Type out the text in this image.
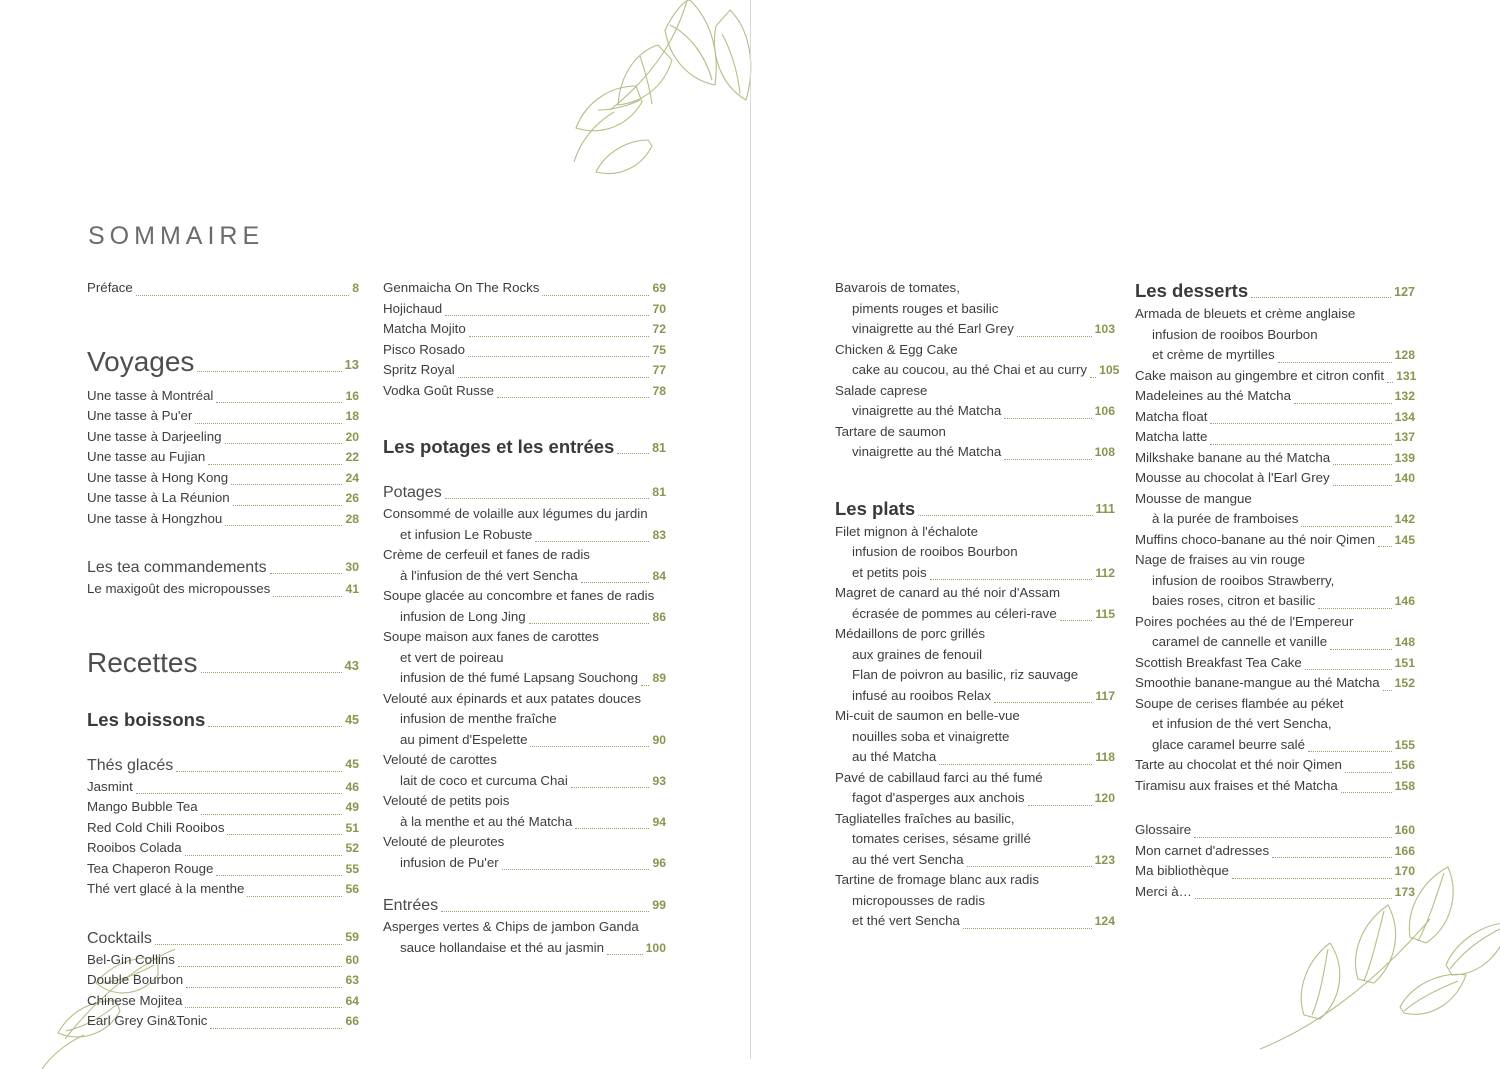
SOMMAIRE
Préface	8
Voyages	13
Une tasse à Montréal	16
Une tasse à Pu'er	18
Une tasse à Darjeeling	20
Une tasse au Fujian	22
Une tasse à Hong Kong	24
Une tasse à La Réunion	26
Une tasse à Hongzhou	28
Les tea commandements	30
Le maxigoût des micropousses	41
Recettes	43
Les boissons	45
Thés glacés	45
Jasmint	46
Mango Bubble Tea	49
Red Cold Chili Rooibos	51
Rooibos Colada	52
Tea Chaperon Rouge	55
Thé vert glacé à la menthe	56
Cocktails	59
Bel-Gin Collins	60
Double Bourbon	63
Chinese Mojitea	64
Earl Grey Gin&Tonic	66
Genmaicha On The Rocks	69
Hojichaud	70
Matcha Mojito	72
Pisco Rosado	75
Spritz Royal	77
Vodka Goût Russe	78
Les potages et les entrées	81
Potages	81
Consommé de volaille aux légumes du jardin
et infusion Le Robuste	83
Crème de cerfeuil et fanes de radis
à l'infusion de thé vert Sencha	84
Soupe glacée au concombre et fanes de radis
infusion de Long Jing	86
Soupe maison aux fanes de carottes
et vert de poireau
infusion de thé fumé Lapsang Souchong 89
Velouté aux épinards et aux patates douces
infusion de menthe fraîche
au piment d'Espelette	90
Velouté de carottes
lait de coco et curcuma Chai	93
Velouté de petits pois
à la menthe et au thé Matcha	94
Velouté de pleurotes
infusion de Pu'er	96
Entrées	99
Asperges vertes & Chips de jambon Ganda
sauce hollandaise et thé au jasmin	100
Bavarois de tomates,
piments rouges et basilic
vinaigrette au thé Earl Grey	103
Chicken & Egg Cake
cake au coucou, au thé Chai et au curry 105
Salade caprese
vinaigrette au thé Matcha	106
Tartare de saumon
vinaigrette au thé Matcha	108
Les plats	111
Filet mignon à l'échalote
infusion de rooibos Bourbon
et petits pois	112
Magret de canard au thé noir d'Assam
écrasée de pommes au céleri-rave	115
Médaillons de porc grillés
aux graines de fenouil
Flan de poivron au basilic, riz sauvage
infusé au rooibos Relax	117
Mi-cuit de saumon en belle-vue
nouilles soba et vinaigrette
au thé Matcha	118
Pavé de cabillaud farci au thé fumé
fagot d'asperges aux anchois	120
Tagliatelles fraîches au basilic,
tomates cerises, sésame grillé
au thé vert Sencha	123
Tartine de fromage blanc aux radis
micropousses de radis
et thé vert Sencha	124
Les desserts	127
Armada de bleuets et crème anglaise
infusion de rooibos Bourbon
et crème de myrtilles	128
Cake maison au gingembre et citron confit 131
Madeleines au thé Matcha	132
Matcha float	134
Matcha latte	137
Milkshake banane au thé Matcha	139
Mousse au chocolat à l'Earl Grey	140
Mousse de mangue
à la purée de framboises	142
Muffins choco-banane au thé noir Qimen 145
Nage de fraises au vin rouge
infusion de rooibos Strawberry,
baies roses, citron et basilic	146
Poires pochées au thé de l'Empereur
caramel de cannelle et vanille	148
Scottish Breakfast Tea Cake	151
Smoothie banane-mangue au thé Matcha 152
Soupe de cerises flambée au péket
et infusion de thé vert Sencha,
glace caramel beurre salé	155
Tarte au chocolat et thé noir Qimen	156
Tiramisu aux fraises et thé Matcha	158
Glossaire	160
Mon carnet d'adresses	166
Ma bibliothèque	170
Merci à…	173
